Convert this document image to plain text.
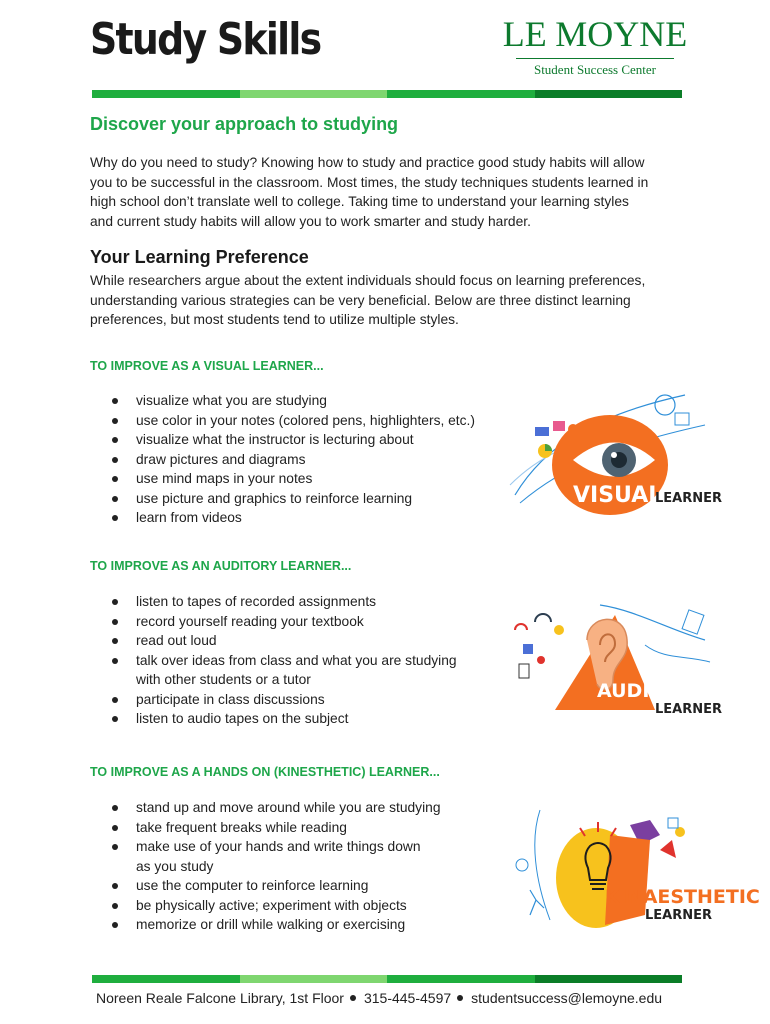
Study Skills	LE MOYNE
Student Success Center
Discover your approach to studying
Why do you need to study? Knowing how to study and practice good study habits will allow
you to be successful in the classroom. Most times, the study techniques students learned in
high school don’t translate well to college. Taking time to understand your learning styles
and current study habits will allow you to work smarter and study harder.
Your Learning Preference
While researchers argue about the extent individuals should focus on learning preferences,
understanding various strategies can be very beneficial. Below are three distinct learning
preferences, but most students tend to utilize multiple styles.
TO IMPROVE AS A VISUAL LEARNER...
visualize what you are studying
use color in your notes (colored pens, highlighters, etc.)
visualize what the instructor is lecturing about
draw pictures and diagrams
use mind maps in your notes
use picture and graphics to reinforce learning
learn from videos
VISUAL
LEARNER
TO IMPROVE AS AN AUDITORY LEARNER...
listen to tapes of recorded assignments
record yourself reading your textbook
read out loud
talk over ideas from class and what you are studying
with other students or a tutor
participate in class discussions
listen to audio tapes on the subject
AUDITORY
LEARNER
TO IMPROVE AS A HANDS ON (KINESTHETIC) LEARNER...
stand up and move around while you are studying
take frequent breaks while reading
make use of your hands and write things down
as you study
use the computer to reinforce learning
be physically active; experiment with objects
memorize or drill while walking or exercising
KINAESTHETIC
LEARNER
Noreen Reale Falcone Library, 1st Floor 315-445-4597 studentsuccess@lemoyne.edu
